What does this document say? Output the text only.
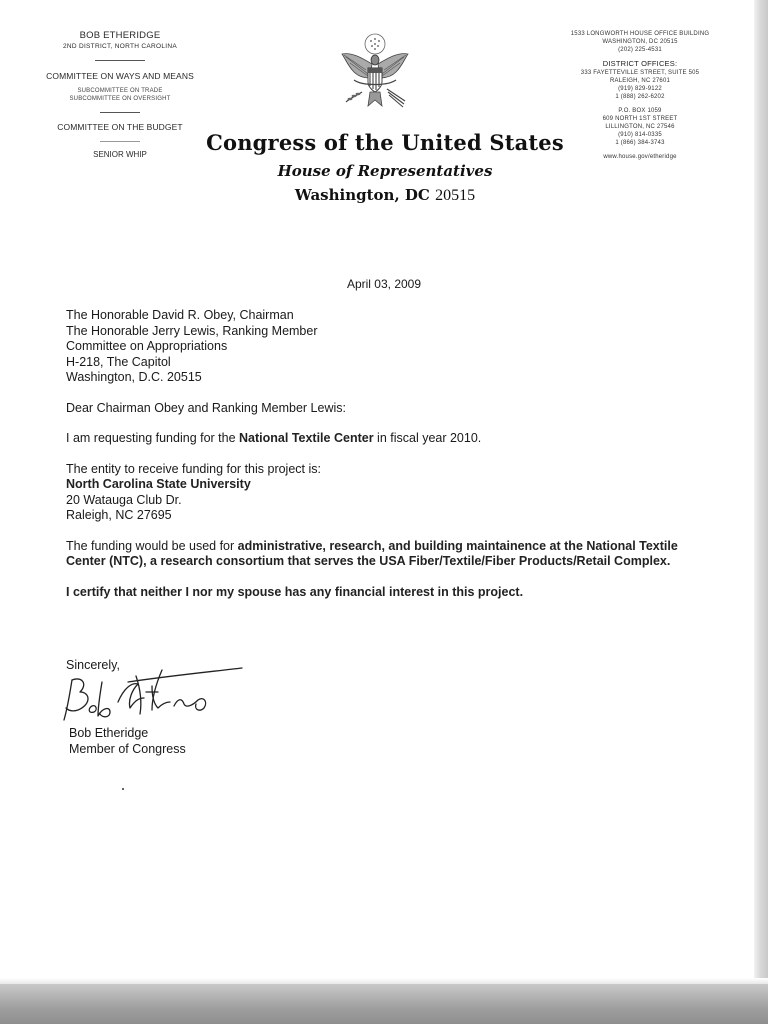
BOB ETHERIDGE
2ND DISTRICT, NORTH CAROLINA
COMMITTEE ON WAYS AND MEANS
SUBCOMMITTEE ON TRADE
SUBCOMMITTEE ON OVERSIGHT
COMMITTEE ON THE BUDGET
SENIOR WHIP	Congress of the United States
House of Representatives
Washington, DC 20515
1533 LONGWORTH HOUSE OFFICE BUILDING
WASHINGTON, DC 20515
(202) 225-4531
DISTRICT OFFICES:
333 FAYETTEVILLE STREET, SUITE 505
RALEIGH, NC 27601
(919) 829-9122
1 (888) 262-6202
P.O. BOX 1059
609 NORTH 1ST STREET
LILLINGTON, NC 27546
(910) 814-0335
1 (866) 384-3743
www.house.gov/etheridge
April 03, 2009

The Honorable David R. Obey, Chairman

The Honorable Jerry Lewis, Ranking Member

Committee on Appropriations

H-218, The Capitol

Washington, D.C. 20515

Dear Chairman Obey and Ranking Member Lewis:

I am requesting funding for the National Textile Center in fiscal year 2010.

The entity to receive funding for this project is:

North Carolina State University

20 Watauga Club Dr.

Raleigh, NC 27695

The funding would be used for administrative, research, and building maintainence at the National Textile Center (NTC), a research consortium that serves the USA Fiber/Textile/Fiber Products/Retail Complex.

I certify that neither I nor my spouse has any financial interest in this project.

Sincerely,
Bob Etheridge
Member of Congress
